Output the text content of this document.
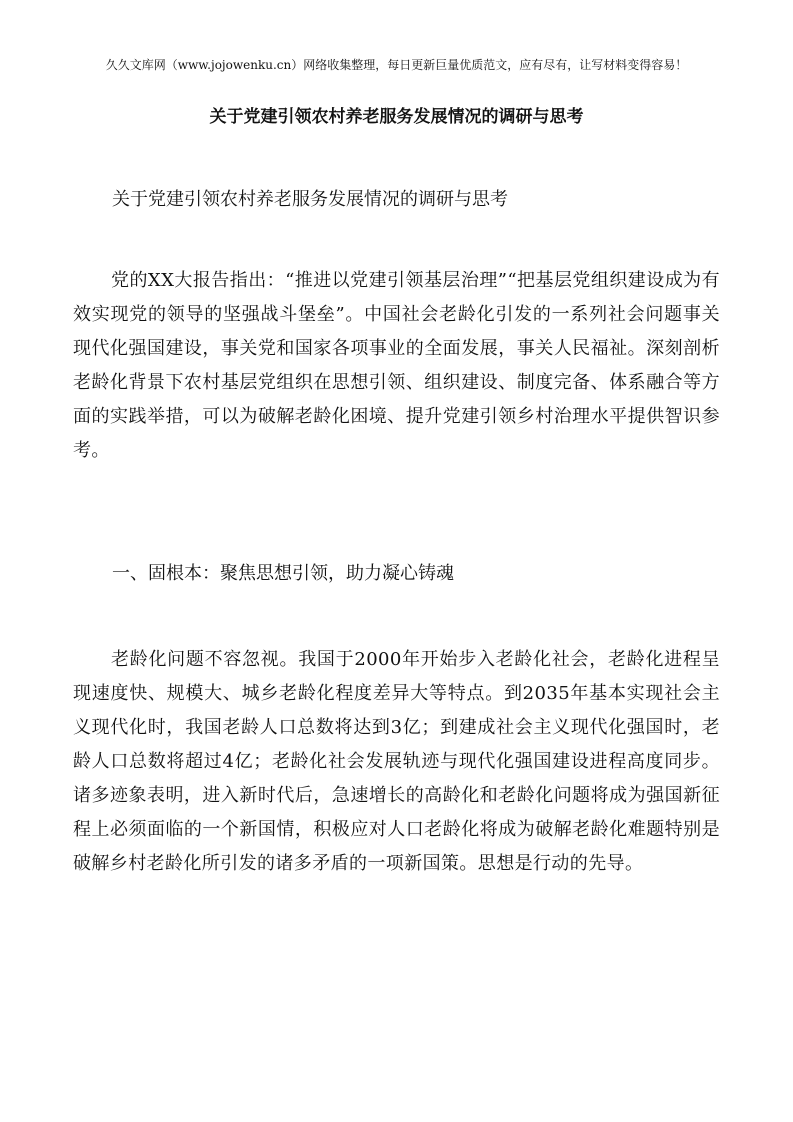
久久文库网（www.jojowenku.cn）网络收集整理，每日更新巨量优质范文，应有尽有，让写材料变得容易！
关于党建引领农村养老服务发展情况的调研与思考
关于党建引领农村养老服务发展情况的调研与思考

党的XX大报告指出：“推进以党建引领基层治理”“把基层党组织建设成为有效实现党的领导的坚强战斗堡垒”。中国社会老龄化引发的一系列社会问题事关现代化强国建设，事关党和国家各项事业的全面发展，事关人民福祉。深刻剖析老龄化背景下农村基层党组织在思想引领、组织建设、制度完备、体系融合等方面的实践举措，可以为破解老龄化困境、提升党建引领乡村治理水平提供智识参考。

一、固根本：聚焦思想引领，助力凝心铸魂

老龄化问题不容忽视。我国于2000年开始步入老龄化社会，老龄化进程呈现速度快、规模大、城乡老龄化程度差异大等特点。到2035年基本实现社会主义现代化时，我国老龄人口总数将达到3亿；到建成社会主义现代化强国时，老龄人口总数将超过4亿；老龄化社会发展轨迹与现代化强国建设进程高度同步。诸多迹象表明，进入新时代后，急速增长的高龄化和老龄化问题将成为强国新征程上必须面临的一个新国情，积极应对人口老龄化将成为破解老龄化难题特别是破解乡村老龄化所引发的诸多矛盾的一项新国策。思想是行动的先导。
